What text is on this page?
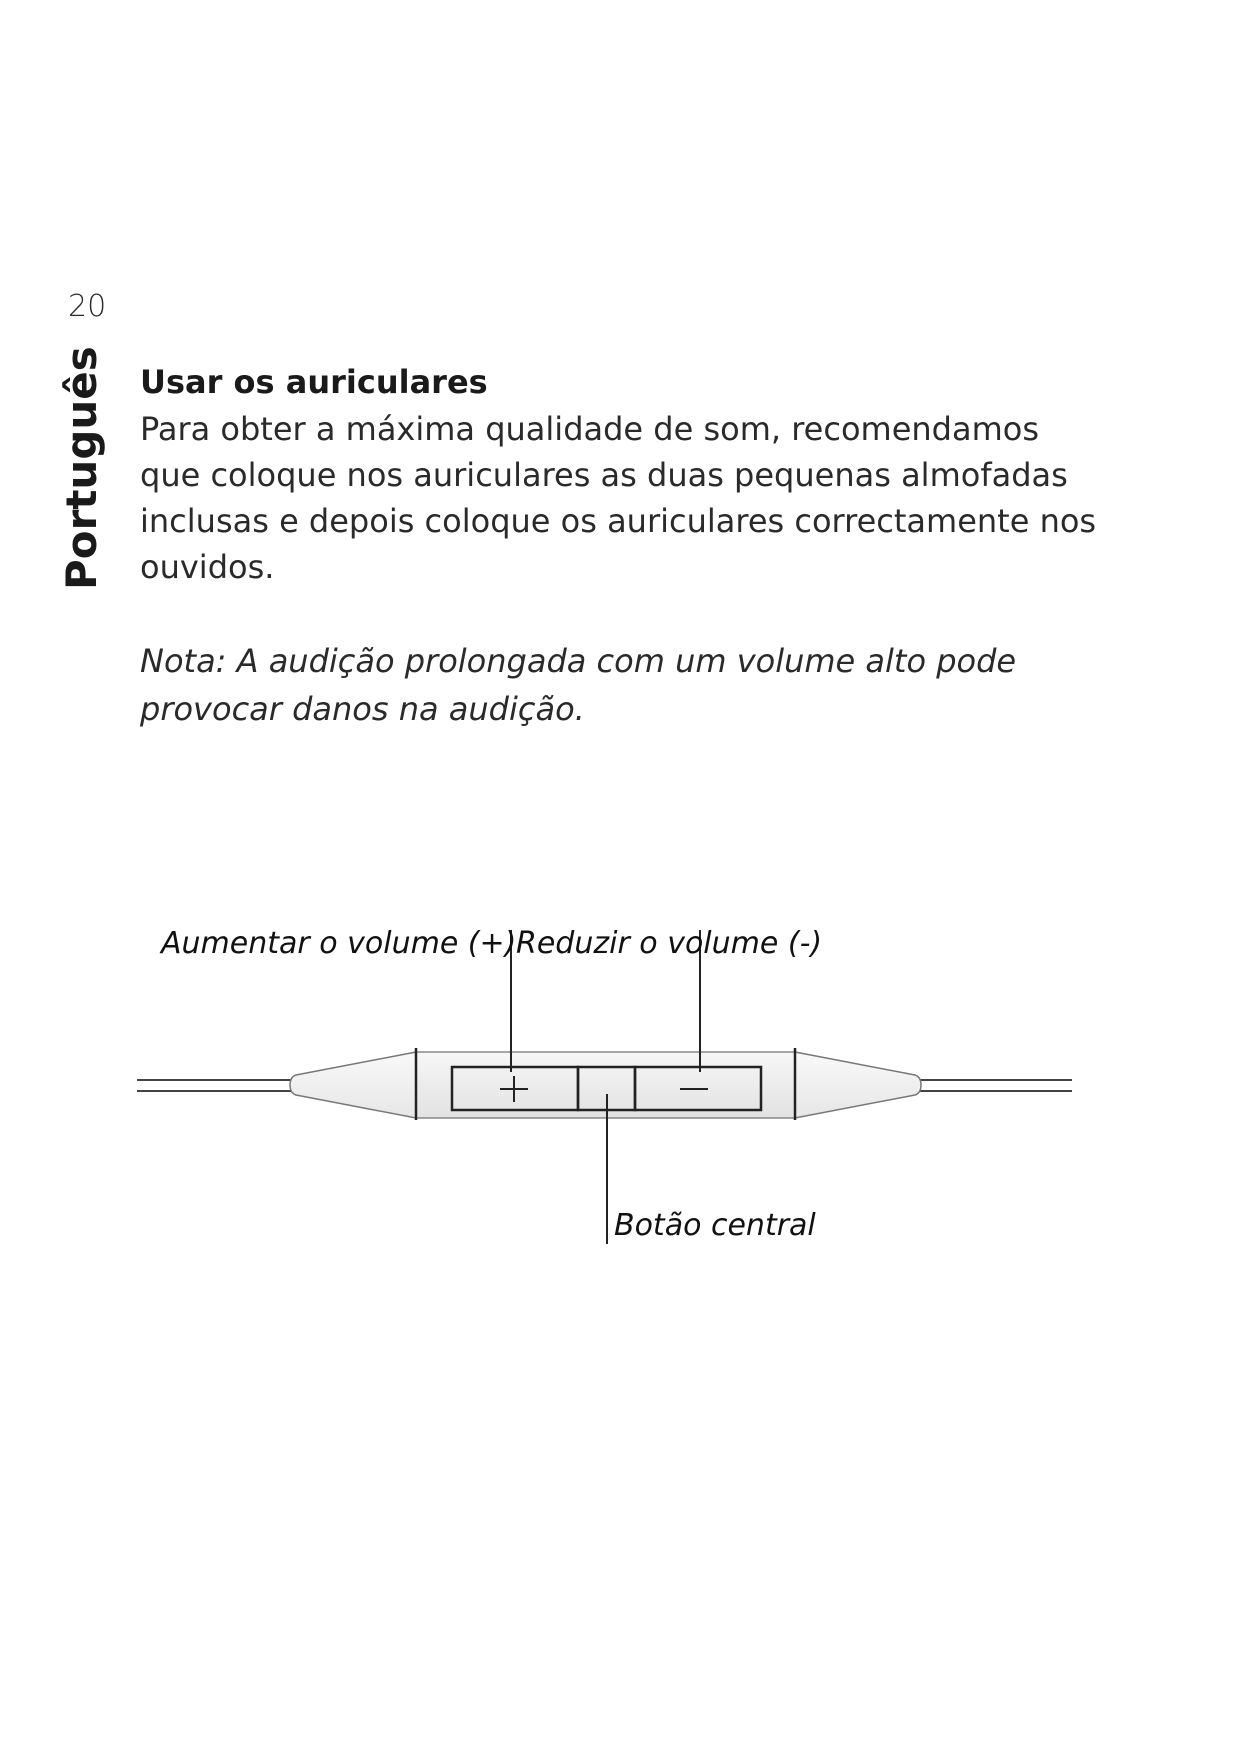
20
Português Usar os auriculares
Para obter a máxima qualidade de som, recomendamos
que coloque nos auriculares as duas pequenas almofadas
inclusas e depois coloque os auriculares correctamente nos
ouvidos.
Nota: A audição prolongada com um volume alto pode
provocar danos na audição.
Aumentar o volume (+) Reduzir o volume (-)
Botão central
